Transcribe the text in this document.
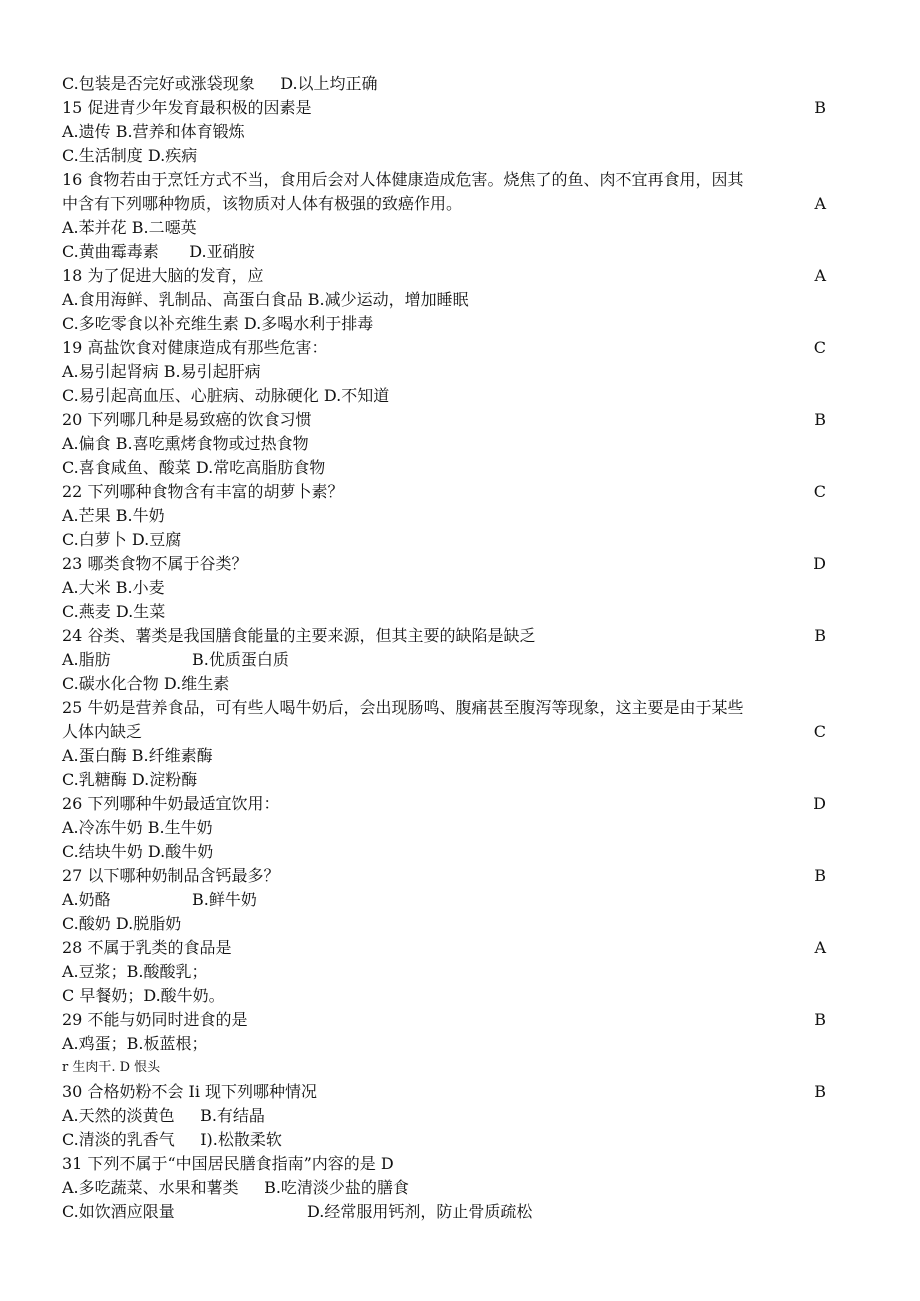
C.包装是否完好或涨袋现象     D.以上均正确
15 促进青少年发育最积极的因素是	B
A.遗传 B.营养和体育锻炼
C.生活制度 D.疾病
16 食物若由于烹饪方式不当，食用后会对人体健康造成危害。烧焦了的鱼、肉不宜再食用，因其
中含有下列哪种物质，该物质对人体有极强的致癌作用。	A
A.苯并花 B.二噁英
C.黄曲霉毒素      D.亚硝胺
18 为了促进大脑的发育，应	A
A.食用海鲜、乳制品、高蛋白食品 B.减少运动，增加睡眠
C.多吃零食以补充维生素 D.多喝水利于排毒
19 高盐饮食对健康造成有那些危害：	C
A.易引起肾病 B.易引起肝病
C.易引起高血压、心脏病、动脉硬化 D.不知道
20 下列哪几种是易致癌的饮食习惯	B
A.偏食 B.喜吃熏烤食物或过热食物
C.喜食咸鱼、酸菜 D.常吃高脂肪食物
22 下列哪种食物含有丰富的胡萝卜素？	C
A.芒果 B.牛奶
C.白萝卜 D.豆腐
23 哪类食物不属于谷类？	D
A.大米 B.小麦
C.燕麦 D.生菜
24 谷类、薯类是我国膳食能量的主要来源，但其主要的缺陷是缺乏	B
A.脂肪                B.优质蛋白质
C.碳水化合物 D.维生素
25 牛奶是营养食品，可有些人喝牛奶后，会出现肠鸣、腹痛甚至腹泻等现象，这主要是由于某些
人体内缺乏	C
A.蛋白酶 B.纤维素酶
C.乳糖酶 D.淀粉酶
26 下列哪种牛奶最适宜饮用：	D
A.冷冻牛奶 B.生牛奶
C.结块牛奶 D.酸牛奶
27 以下哪种奶制品含钙最多？	B
A.奶酪                B.鲜牛奶
C.酸奶 D.脱脂奶
28 不属于乳类的食品是	A
A.豆浆；B.酸酸乳；
C 早餐奶；D.酸牛奶。
29 不能与奶同时进食的是	B
A.鸡蛋；B.板蓝根；
r 生肉干. D 恨头
30 合格奶粉不会 Ii 现下列哪种情况	B
A.天然的淡黄色     B.有结晶
C.清淡的乳香气     I).松散柔软
31 下列不属于“中国居民膳食指南”内容的是 D
A.多吃蔬菜、水果和薯类     B.吃清淡少盐的膳食
C.如饮酒应限量                          D.经常服用钙剂，防止骨质疏松
